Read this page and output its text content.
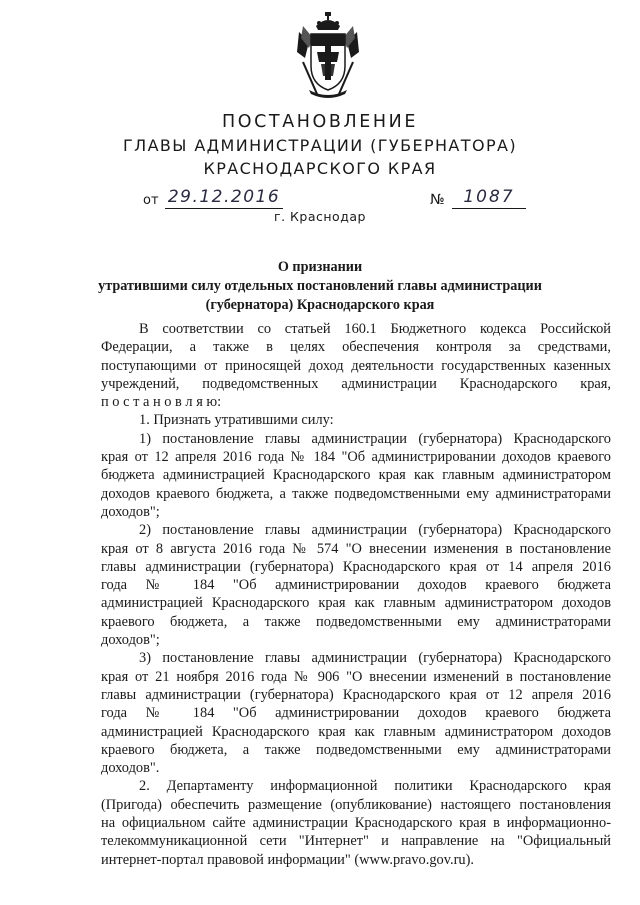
ПОСТАНОВЛЕНИЕ
ГЛАВЫ АДМИНИСТРАЦИИ (ГУБЕРНАТОРА)
КРАСНОДАРСКОГО КРАЯ
от 29.12.2016	№	1087
г. Краснодар
О признании
утратившими силу отдельных постановлений главы администрации
(губернатора) Краснодарского края
В соответствии со статьей 160.1 Бюджетного кодекса Российской
Федерации, а также в целях обеспечения контроля за средствами,
поступающими от приносящей доход деятельности государственных казенных
учреждений, подведомственных администрации Краснодарского края,
п о с т а н о в л я ю:
1. Признать утратившими силу:
1) постановление главы администрации (губернатора) Краснодарского
края от 12 апреля 2016 года № 184 "Об администрировании доходов краевого
бюджета администрацией Краснодарского края как главным администратором
доходов краевого бюджета, а также подведомственными ему администраторами
доходов";
2) постановление главы администрации (губернатора) Краснодарского
края от 8 августа 2016 года № 574 "О внесении изменения в постановление
главы администрации (губернатора) Краснодарского края от 14 апреля 2016
года № 184 "Об администрировании доходов краевого бюджета
администрацией Краснодарского края как главным администратором доходов
краевого бюджета, а также подведомственными ему администраторами
доходов";
3) постановление главы администрации (губернатора) Краснодарского
края от 21 ноября 2016 года № 906 "О внесении изменений в постановление
главы администрации (губернатора) Краснодарского края от 12 апреля 2016
года № 184 "Об администрировании доходов краевого бюджета
администрацией Краснодарского края как главным администратором доходов
краевого бюджета, а также подведомственными ему администраторами
доходов".
2. Департаменту информационной политики Краснодарского края
(Пригода) обеспечить размещение (опубликование) настоящего постановления
на официальном сайте администрации Краснодарского края в информационно-
телекоммуникационной сети "Интернет" и направление на "Официальный
интернет-портал правовой информации" (www.pravo.gov.ru).
